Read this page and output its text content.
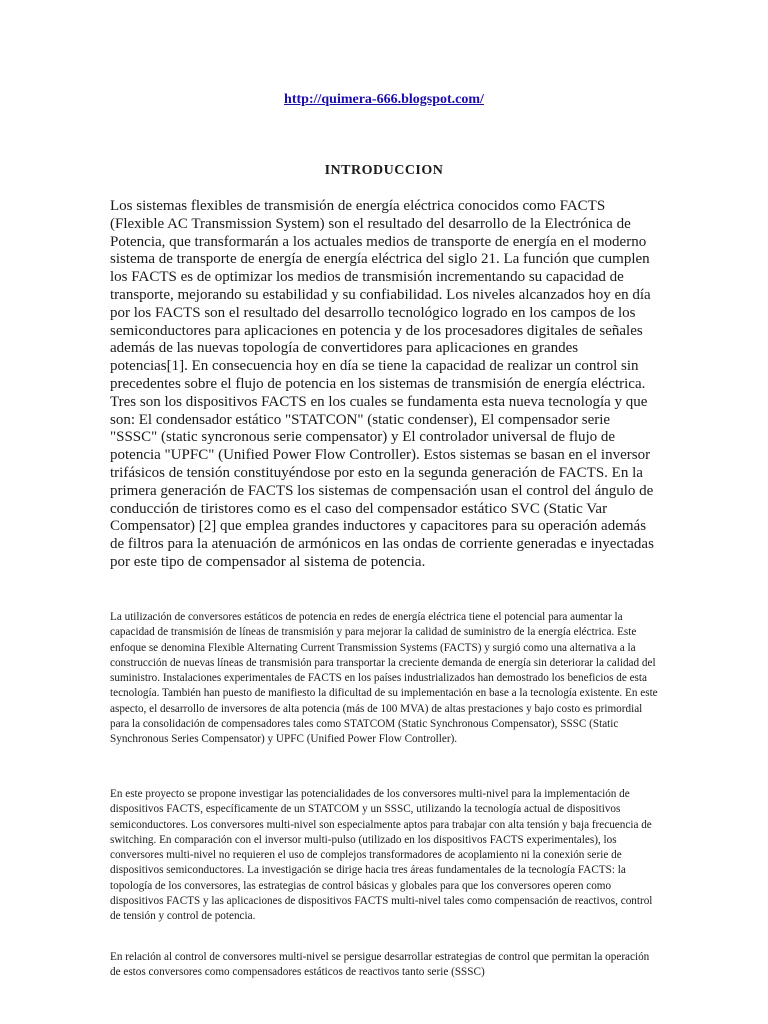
http://quimera-666.blogspot.com/
INTRODUCCION

Los sistemas flexibles de transmisión de energía eléctrica conocidos como FACTS (Flexible AC Transmission System) son el resultado del desarrollo de la Electrónica de Potencia, que transformarán a los actuales medios de transporte de energía en el moderno sistema de transporte de energía de energía eléctrica del siglo 21. La función que cumplen los FACTS es de optimizar los medios de transmisión incrementando su capacidad de transporte, mejorando su estabilidad y su confiabilidad. Los niveles alcanzados hoy en día por los FACTS son el resultado del desarrollo tecnológico logrado en los campos de los semiconductores para aplicaciones en potencia y de los procesadores digitales de señales además de las nuevas topología de convertidores para aplicaciones en grandes potencias[1]. En consecuencia hoy en día se tiene la capacidad de realizar un control sin precedentes sobre el flujo de potencia en los sistemas de transmisión de energía eléctrica. Tres son los dispositivos FACTS en los cuales se fundamenta esta nueva tecnología y que son: El condensador estático "STATCON" (static condenser), El compensador serie "SSSC" (static syncronous serie compensator) y El controlador universal de flujo de potencia "UPFC" (Unified Power Flow Controller). Estos sistemas se basan en el inversor trifásicos de tensión constituyéndose por esto en la segunda generación de FACTS. En la primera generación de FACTS los sistemas de compensación usan el control del ángulo de conducción de tiristores como es el caso del compensador estático SVC (Static Var Compensator) [2] que emplea grandes inductores y capacitores para su operación además de filtros para la atenuación de armónicos en las ondas de corriente generadas e inyectadas por este tipo de compensador al sistema de potencia.

La utilización de conversores estáticos de potencia en redes de energía eléctrica tiene el potencial para aumentar la capacidad de transmisión de líneas de transmisión y para mejorar la calidad de suministro de la energía eléctrica. Este enfoque se denomina Flexible Alternating Current Transmission Systems (FACTS) y surgió como una alternativa a la construcción de nuevas líneas de transmisión para transportar la creciente demanda de energía sin deteriorar la calidad del suministro. Instalaciones experimentales de FACTS en los países industrializados han demostrado los beneficios de esta tecnología. También han puesto de manifiesto la dificultad de su implementación en base a la tecnología existente. En este aspecto, el desarrollo de inversores de alta potencia (más de 100 MVA) de altas prestaciones y bajo costo es primordial para la consolidación de compensadores tales como STATCOM (Static Synchronous Compensator), SSSC (Static Synchronous Series Compensator) y UPFC (Unified Power Flow Controller).

En este proyecto se propone investigar las potencialidades de los conversores multi-nivel para la implementación de dispositivos FACTS, específicamente de un STATCOM y un SSSC, utilizando la tecnología actual de dispositivos semiconductores. Los conversores multi-nivel son especialmente aptos para trabajar con alta tensión y baja frecuencia de switching. En comparación con el inversor multi-pulso (utilizado en los dispositivos FACTS experimentales), los conversores multi-nivel no requieren el uso de complejos transformadores de acoplamiento ni la conexión serie de dispositivos semiconductores. La investigación se dirige hacia tres áreas fundamentales de la tecnología FACTS: la topología de los conversores, las estrategias de control básicas y globales para que los conversores operen como dispositivos FACTS y las aplicaciones de dispositivos FACTS multi-nivel tales como compensación de reactivos, control de tensión y control de potencia.

En relación al control de conversores multi-nivel se persigue desarrollar estrategias de control que permitan la operación de estos conversores como compensadores estáticos de reactivos tanto serie (SSSC)
